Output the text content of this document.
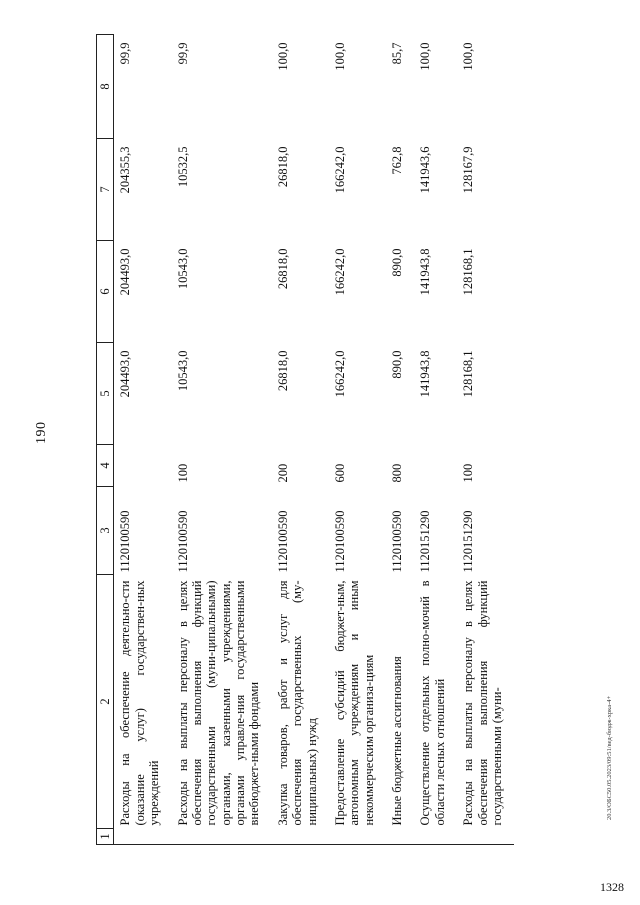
190
1	2	3	4	5	6	7	8
	Расходы на обеспечение деятельно-сти (оказание услуг) государствен-ных учреждений	1120100590		204493,0	204493,0	204355,3	99,9
	Расходы на выплаты персоналу в целях обеспечения выполнения функций государственными (муни-ципальными) органами, казенными учреждениями, органами управле-ния государственными внебюджет-ными фондами	1120100590	100	10543,0	10543,0	10532,5	99,9
	Закупка товаров, работ и услуг для обеспечения государственных (му-ниципальных) нужд	1120100590	200	26818,0	26818,0	26818,0	100,0
	Предоставление субсидий бюджет-ным, автономным учреждениям и иным некоммерческим организа-циям	1120100590	600	166242,0	166242,0	166242,0	100,0
	Иные бюджетные ассигнования	1120100590	800	890,0	890,0	762,8	85,7
	Осуществление отдельных полно-мочий в области лесных отношений	1120151290		141943,8	141943,8	141943,6	100,0
	Расходы на выплаты персоналу в целях обеспечения выполнения функций государственными (муни-	1120151290	100	128168,1	128168,1	128167,9	100,0
20.3/ОБС50.05.2023/09:51/вед-бюдж-хрка-4+
1328
